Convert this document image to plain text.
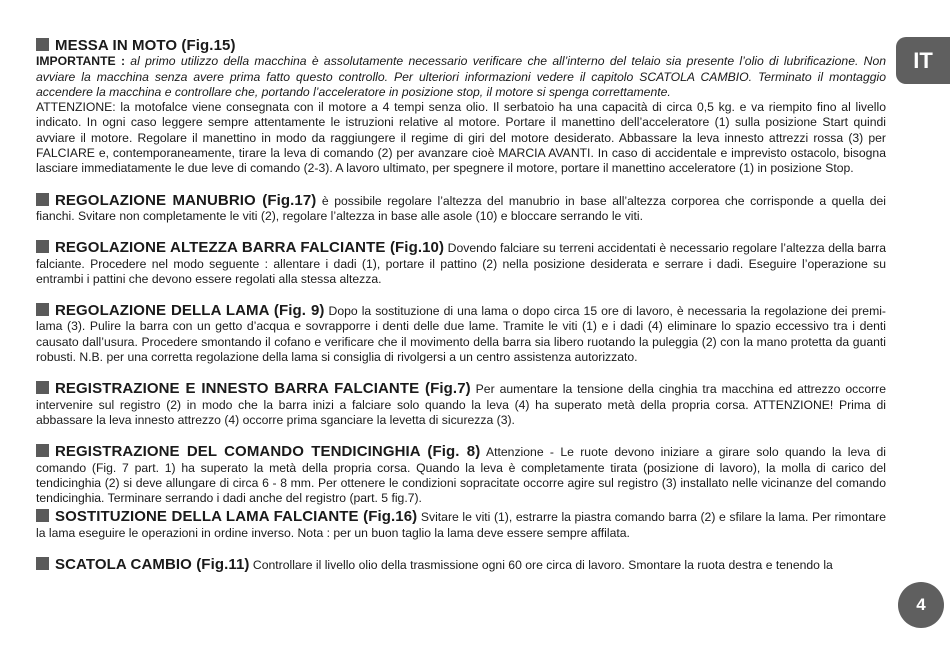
MESSA IN MOTO (Fig.15)
IMPORTANTE : al primo utilizzo della macchina è assolutamente necessario verificare che all’interno del telaio sia presente l’olio di lubrificazione. Non avviare la macchina senza avere prima fatto questo controllo. Per ulteriori informazioni vedere il capitolo SCATOLA CAMBIO. Terminato il montaggio accendere la macchina e controllare che, portando l’acceleratore in posizione stop, il motore si spenga correttamente.
ATTENZIONE: la motofalce viene consegnata con il motore a 4 tempi senza olio. Il serbatoio ha una capacità di circa 0,5 kg. e va riempito fino al livello indicato. In ogni caso leggere sempre attentamente le istruzioni relative al motore. Portare il manettino dell’acceleratore (1) sulla posizione Start quindi avviare il motore. Regolare il manettino in modo da raggiungere il regime di giri del motore desiderato. Abbassare la leva innesto attrezzi rossa (3) per FALCIARE e, contemporaneamente, tirare la leva di comando (2) per avanzare cioè MARCIA AVANTI. In caso di accidentale e imprevisto ostacolo, bisogna lasciare immediatamente le due leve di comando (2-3). A lavoro ultimato, per spegnere il motore, portare il manettino acceleratore (1) in posizione Stop.

REGOLAZIONE MANUBRIO (Fig.17) è possibile regolare l’altezza del manubrio in base all’altezza corporea che corrisponde a quella dei fianchi. Svitare non completamente le viti (2), regolare l’altezza in base alle asole (10) e bloccare serrando le viti.

REGOLAZIONE ALTEZZA BARRA FALCIANTE (Fig.10) Dovendo falciare su terreni accidentati è necessario regolare l’altezza della barra falciante. Procedere nel modo seguente : allentare i dadi (1), portare il pattino (2) nella posizione desiderata e serrare i dadi. Eseguire l’operazione su entrambi i pattini che devono essere regolati alla stessa altezza.

REGOLAZIONE DELLA LAMA (Fig. 9) Dopo la sostituzione di una lama o dopo circa 15 ore di lavoro, è necessaria la regolazione dei premi-lama (3). Pulire la barra con un getto d’acqua e sovrapporre i denti delle due lame. Tramite le viti (1) e i dadi (4) eliminare lo spazio eccessivo tra i denti causato dall’usura. Procedere smontando il cofano e verificare che il movimento della barra sia libero ruotando la puleggia (2) con la mano protetta da guanti robusti. N.B. per una corretta regolazione della lama si consiglia di rivolgersi a un centro assistenza autorizzato.

REGISTRAZIONE E INNESTO BARRA FALCIANTE (Fig.7) Per aumentare la tensione della cinghia tra macchina ed attrezzo occorre intervenire sul registro (2) in modo che la barra inizi a falciare solo quando la leva (4) ha superato metà della propria corsa. ATTENZIONE! Prima di abbassare la leva innesto attrezzo (4) occorre prima sganciare la levetta di sicurezza (3).

REGISTRAZIONE DEL COMANDO TENDICINGHIA (Fig. 8) Attenzione - Le ruote devono iniziare a girare solo quando la leva di comando (Fig. 7 part. 1) ha superato la metà della propria corsa. Quando la leva è completamente tirata (posizione di lavoro), la molla di carico del tendicinghia (2) si deve allungare di circa 6 - 8 mm. Per ottenere le condizioni sopracitate occorre agire sul registro (3) installato nelle vicinanze del comando tendicinghia. Terminare serrando i dadi anche del registro (part. 5 fig.7).

SOSTITUZIONE DELLA LAMA FALCIANTE (Fig.16) Svitare le viti (1), estrarre la piastra comando barra (2) e sfilare la lama. Per rimontare la lama eseguire le operazioni in ordine inverso. Nota : per un buon taglio la lama deve essere sempre affilata.

SCATOLA CAMBIO (Fig.11) Controllare il livello olio della trasmissione ogni 60 ore circa di lavoro. Smontare la ruota destra e tenendo la

IT
4
